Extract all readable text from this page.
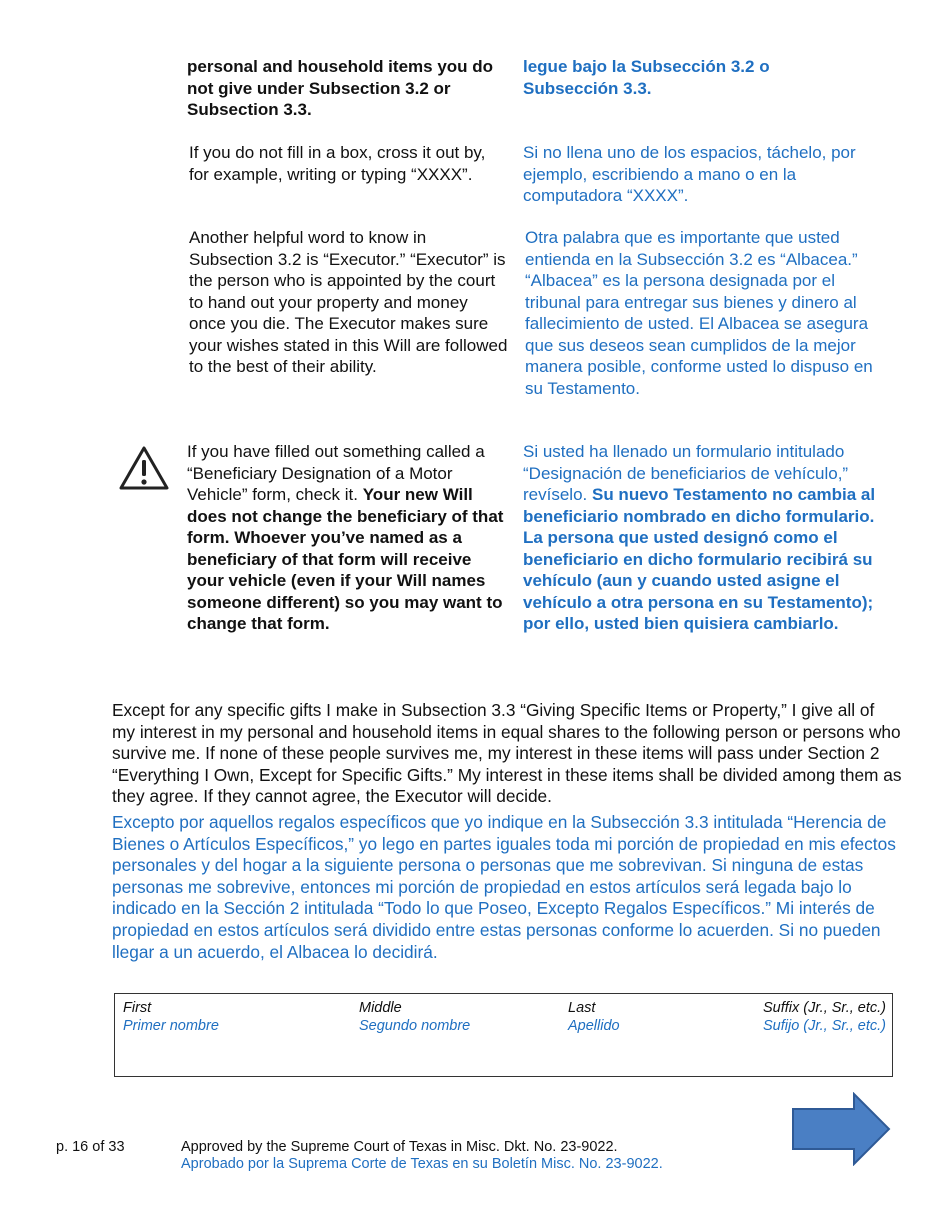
personal and household items you do not give under Subsection 3.2 or Subsection 3.3.

legue bajo la Subsección 3.2 o Subsección 3.3.

If you do not fill in a box, cross it out by, for example, writing or typing “XXXX”.

Si no llena uno de los espacios, táchelo, por ejemplo, escribiendo a mano o en la computadora “XXXX”.

Another helpful word to know in Subsection 3.2 is “Executor.” “Executor” is the person who is appointed by the court to hand out your property and money once you die. The Executor makes sure your wishes stated in this Will are followed to the best of their ability.

Otra palabra que es importante que usted entienda en la Subsección 3.2 es “Albacea.” “Albacea” es la persona designada por el tribunal para entregar sus bienes y dinero al fallecimiento de usted. El Albacea se asegura que sus deseos sean cumplidos de la mejor manera posible, conforme usted lo dispuso en su Testamento.

If you have filled out something called a “Beneficiary Designation of a Motor Vehicle” form, check it. Your new Will does not change the beneficiary of that form. Whoever you’ve named as a beneficiary of that form will receive your vehicle (even if your Will names someone different) so you may want to change that form.

Si usted ha llenado un formulario intitulado “Designación de beneficiarios de vehículo,” revíselo. Su nuevo Testamento no cambia al beneficiario nombrado en dicho formulario. La persona que usted designó como el beneficiario en dicho formulario recibirá su vehículo (aun y cuando usted asigne el vehículo a otra persona en su Testamento); por ello, usted bien quisiera cambiarlo.

Except for any specific gifts I make in Subsection 3.3 “Giving Specific Items or Property,” I give all of my interest in my personal and household items in equal shares to the following person or persons who survive me. If none of these people survives me, my interest in these items will pass under Section 2 “Everything I Own, Except for Specific Gifts.” My interest in these items shall be divided among them as they agree. If they cannot agree, the Executor will decide.

Excepto por aquellos regalos específicos que yo indique en la Subsección 3.3 intitulada “Herencia de Bienes o Artículos Específicos,” yo lego en partes iguales toda mi porción de propiedad en mis efectos personales y del hogar a la siguiente persona o personas que me sobrevivan. Si ninguna de estas personas me sobrevive, entonces mi porción de propiedad en estos artículos será legada bajo lo indicado en la Sección 2 intitulada “Todo lo que Poseo, Excepto Regalos Específicos.” Mi interés de propiedad en estos artículos será dividido entre estas personas conforme lo acuerden. Si no pueden llegar a un acuerdo, el Albacea lo decidirá.

First
Primer nombre
Middle
Segundo nombre
Last
Apellido
Suffix (Jr., Sr., etc.)
Sufijo (Jr., Sr., etc.)
p. 16 of 33	Approved by the Supreme Court of Texas in Misc. Dkt. No. 23-9022.
Aprobado por la Suprema Corte de Texas en su Boletín Misc. No. 23-9022.
